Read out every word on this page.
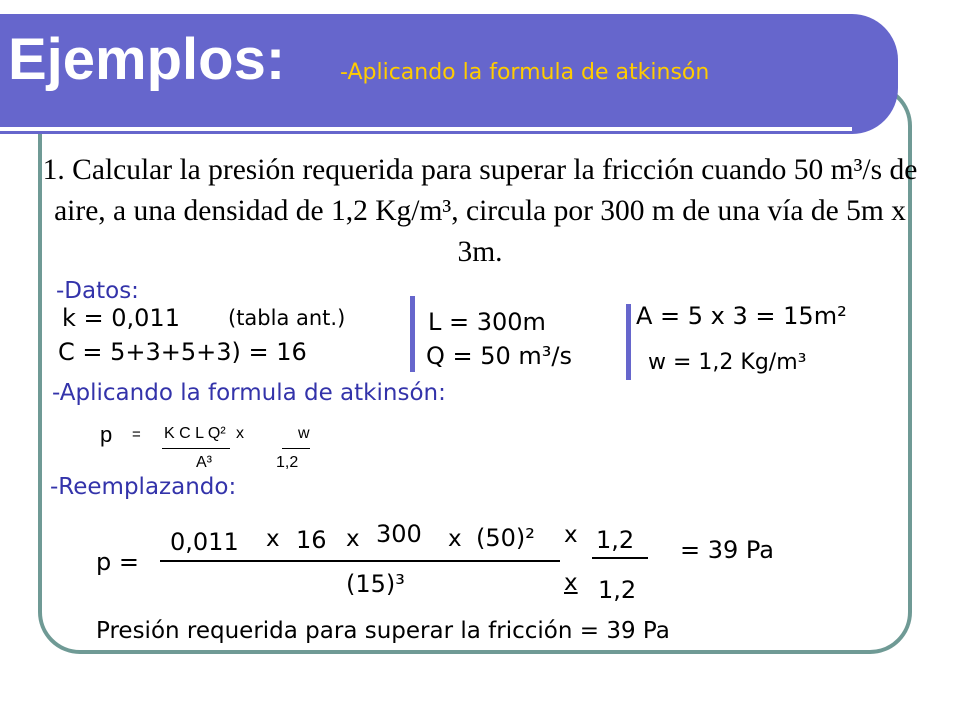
Ejemplos: -Aplicando la formula de atkinsón
1. Calcular la presión requerida para superar la fricción cuando 50 m³/s de aire, a una densidad de 1,2 Kg/m³, circula por 300 m de una vía de 5m x 3m.
-Datos:
k = 0,011 (tabla ant.)
C = 5+3+5+3) = 16
L = 300m
Q = 50 m³/s
A = 5 x 3 = 15m²
w = 1,2 Kg/m³
-Aplicando la formula de atkinsón:
p = K C L Q² x	w
A³	1,2
-Reemplazando:
p =
0,011 x 16 x 300 x (50)² x 1,2
(15)³	x 1,2
= 39 Pa
Presión requerida para superar la fricción = 39 Pa
